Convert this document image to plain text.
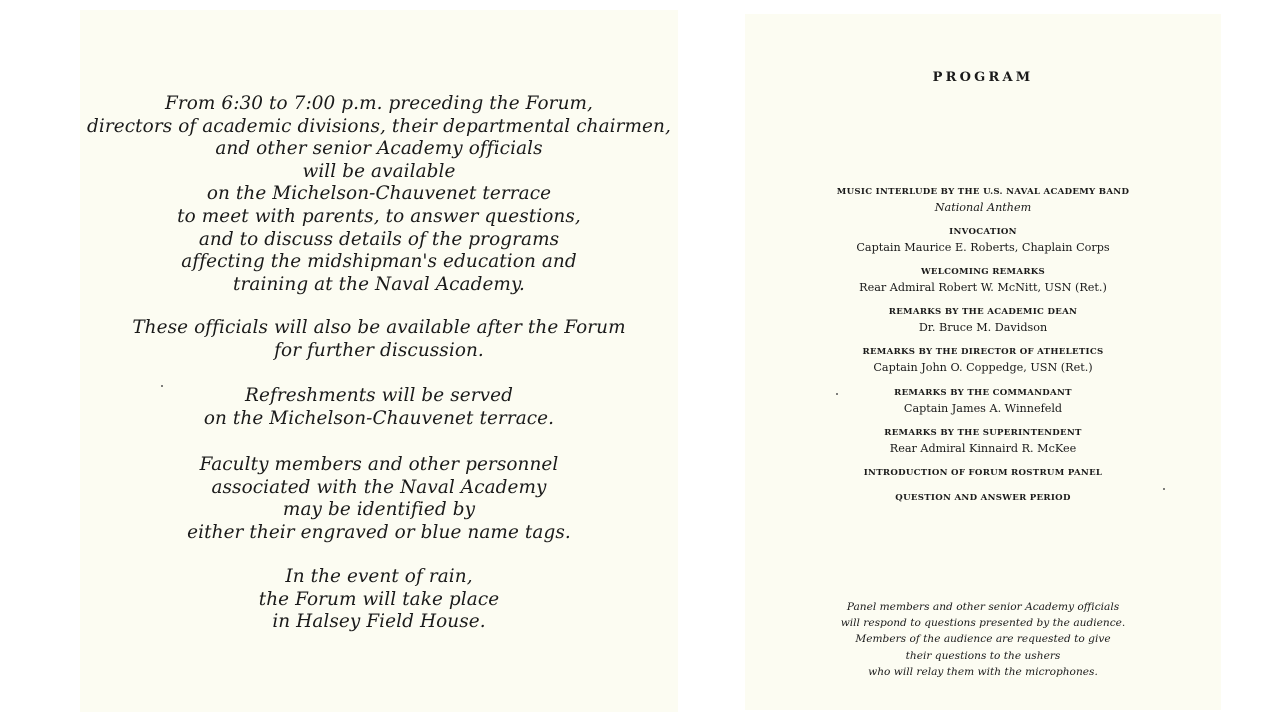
From 6:30 to 7:00 p.m. preceding the Forum,
directors of academic divisions, their departmental chairmen,
and other senior Academy officials
will be available
on the Michelson-Chauvenet terrace
to meet with parents, to answer questions,
and to discuss details of the programs
affecting the midshipman's education and
training at the Naval Academy.
These officials will also be available after the Forum
for further discussion.
Refreshments will be served
on the Michelson-Chauvenet terrace.
Faculty members and other personnel
associated with the Naval Academy
may be identified by
either their engraved or blue name tags.
In the event of rain,
the Forum will take place
in Halsey Field House.
PROGRAM
MUSIC INTERLUDE BY THE U.S. NAVAL ACADEMY BAND
National Anthem
INVOCATION
Captain Maurice E. Roberts, Chaplain Corps
WELCOMING REMARKS
Rear Admiral Robert W. McNitt, USN (Ret.)
REMARKS BY THE ACADEMIC DEAN
Dr. Bruce M. Davidson
REMARKS BY THE DIRECTOR OF ATHELETICS
Captain John O. Coppedge, USN (Ret.)
REMARKS BY THE COMMANDANT
Captain James A. Winnefeld
REMARKS BY THE SUPERINTENDENT
Rear Admiral Kinnaird R. McKee
INTRODUCTION OF FORUM ROSTRUM PANEL
QUESTION AND ANSWER PERIOD
Panel members and other senior Academy officials
will respond to questions presented by the audience.
Members of the audience are requested to give
their questions to the ushers
who will relay them with the microphones.
